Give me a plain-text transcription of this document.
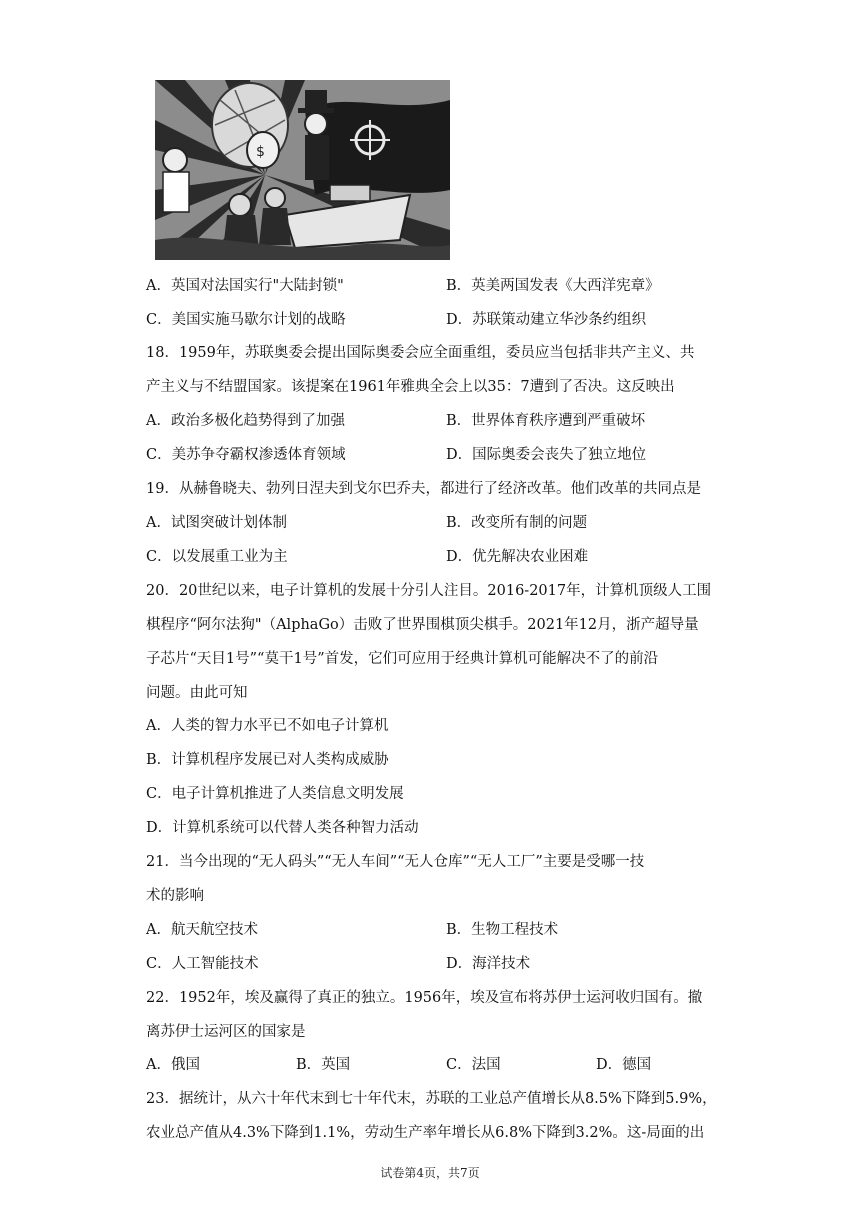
$
A．英国对法国实行"大陆封锁"	B．英美两国发表《大西洋宪章》
C．美国实施马歇尔计划的战略	D．苏联策动建立华沙条约组织
18．1959年，苏联奥委会提出国际奥委会应全面重组，委员应当包括非共产主义、共
产主义与不结盟国家。该提案在1961年雅典全会上以35：7遭到了否决。这反映出
A．政治多极化趋势得到了加强	B．世界体育秩序遭到严重破坏
C．美苏争夺霸权渗透体育领域	D．国际奥委会丧失了独立地位
19．从赫鲁晓夫、勃列日涅夫到戈尔巴乔夫，都进行了经济改革。他们改革的共同点是
A．试图突破计划体制	B．改变所有制的问题
C．以发展重工业为主	D．优先解决农业困难
20．20世纪以来，电子计算机的发展十分引人注目。2016-2017年，计算机顶级人工围
棋程序“阿尔法狗"（AlphaGo）击败了世界围棋顶尖棋手。2021年12月，浙产超导量
子芯片“天目1号”“莫干1号”首发，它们可应用于经典计算机可能解决不了的前沿
问题。由此可知
A．人类的智力水平已不如电子计算机
B．计算机程序发展已对人类构成威胁
C．电子计算机推进了人类信息文明发展
D．计算机系统可以代替人类各种智力活动
21．当今出现的“无人码头”“无人车间”“无人仓库”“无人工厂”主要是受哪一技
术的影响
A．航天航空技术	B．生物工程技术
C．人工智能技术	D．海洋技术
22．1952年，埃及赢得了真正的独立。1956年，埃及宣布将苏伊士运河收归国有。撤
离苏伊士运河区的国家是
A．俄国	B．英国	C．法国	D．德国
23．据统计，从六十年代末到七十年代末，苏联的工业总产值增长从8.5%下降到5.9%，
农业总产值从4.3%下降到1.1%，劳动生产率年增长从6.8%下降到3.2%。这-局面的出
试卷第4页，共7页
